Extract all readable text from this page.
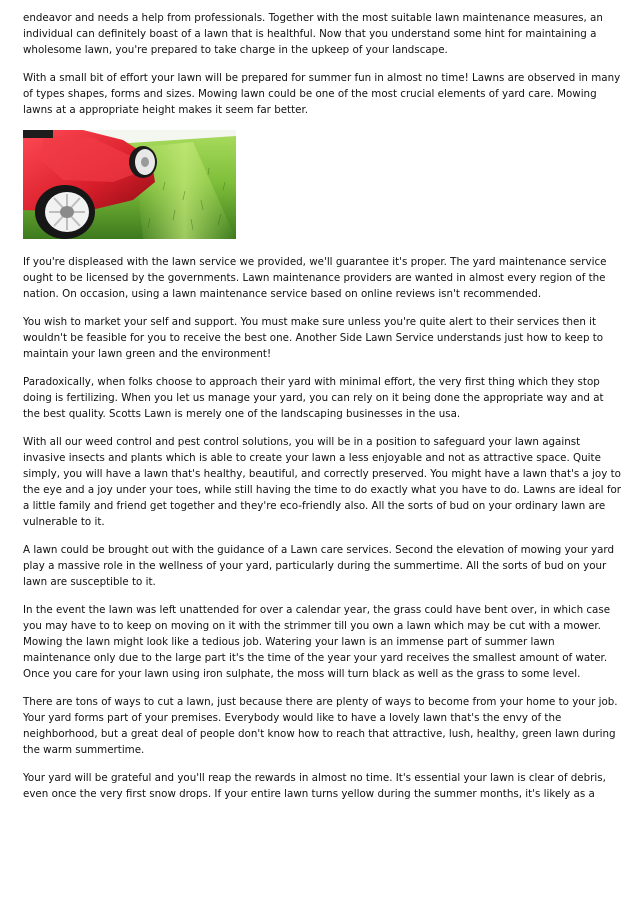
endeavor and needs a help from professionals. Together with the most suitable lawn maintenance measures, an individual can definitely boast of a lawn that is healthful. Now that you understand some hint for maintaining a wholesome lawn, you're prepared to take charge in the upkeep of your landscape.

With a small bit of effort your lawn will be prepared for summer fun in almost no time! Lawns are observed in many of types shapes, forms and sizes. Mowing lawn could be one of the most crucial elements of yard care. Mowing lawns at a appropriate height makes it seem far better.

If you're displeased with the lawn service we provided, we'll guarantee it's proper. The yard maintenance service ought to be licensed by the governments. Lawn maintenance providers are wanted in almost every region of the nation. On occasion, using a lawn maintenance service based on online reviews isn't recommended.

You wish to market your self and support. You must make sure unless you're quite alert to their services then it wouldn't be feasible for you to receive the best one. Another Side Lawn Service understands just how to keep to maintain your lawn green and the environment!

Paradoxically, when folks choose to approach their yard with minimal effort, the very first thing which they stop doing is fertilizing. When you let us manage your yard, you can rely on it being done the appropriate way and at the best quality. Scotts Lawn is merely one of the landscaping businesses in the usa.

With all our weed control and pest control solutions, you will be in a position to safeguard your lawn against invasive insects and plants which is able to create your lawn a less enjoyable and not as attractive space. Quite simply, you will have a lawn that's healthy, beautiful, and correctly preserved. You might have a lawn that's a joy to the eye and a joy under your toes, while still having the time to do exactly what you have to do. Lawns are ideal for a little family and friend get together and they're eco-friendly also. All the sorts of bud on your ordinary lawn are vulnerable to it.

A lawn could be brought out with the guidance of a Lawn care services. Second the elevation of mowing your yard play a massive role in the wellness of your yard, particularly during the summertime. All the sorts of bud on your lawn are susceptible to it.

In the event the lawn was left unattended for over a calendar year, the grass could have bent over, in which case you may have to to keep on moving on it with the strimmer till you own a lawn which may be cut with a mower. Mowing the lawn might look like a tedious job. Watering your lawn is an immense part of summer lawn maintenance only due to the large part it's the time of the year your yard receives the smallest amount of water. Once you care for your lawn using iron sulphate, the moss will turn black as well as the grass to some level.

There are tons of ways to cut a lawn, just because there are plenty of ways to become from your home to your job. Your yard forms part of your premises. Everybody would like to have a lovely lawn that's the envy of the neighborhood, but a great deal of people don't know how to reach that attractive, lush, healthy, green lawn during the warm summertime.

Your yard will be grateful and you'll reap the rewards in almost no time. It's essential your lawn is clear of debris, even once the very first snow drops. If your entire lawn turns yellow during the summer months, it's likely as a
